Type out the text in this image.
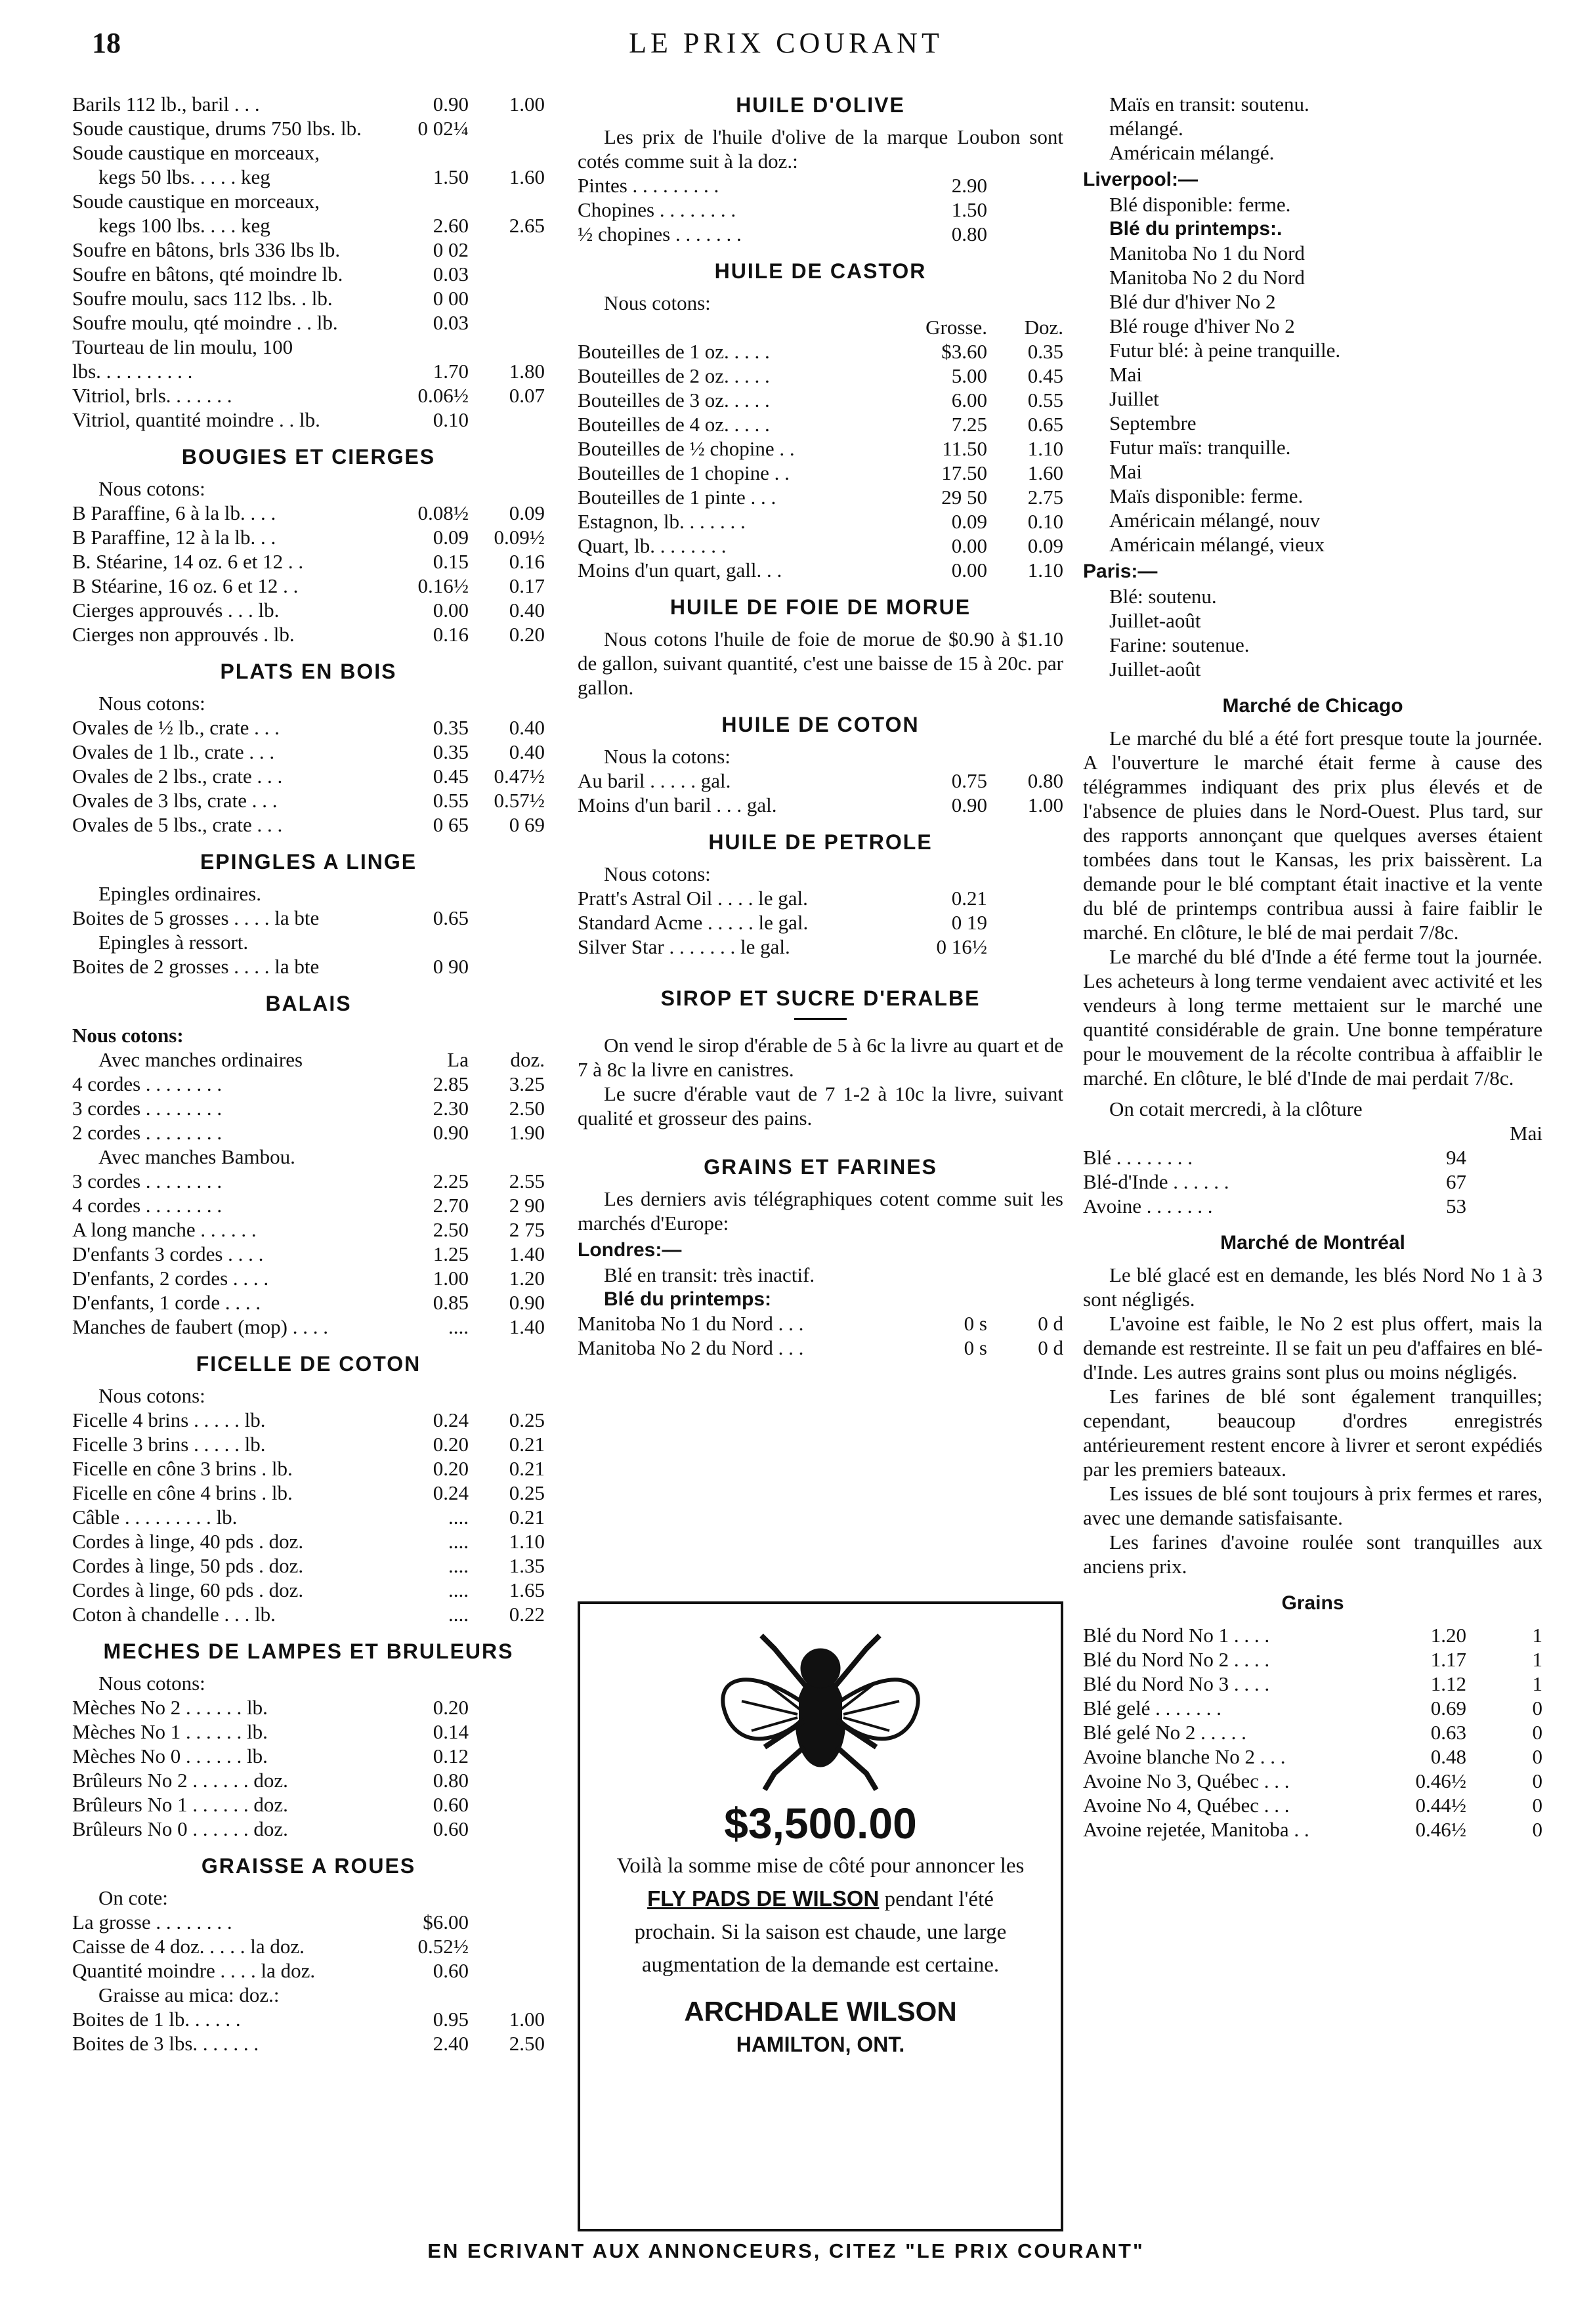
18	LE PRIX COURANT
Barils 112 lb., baril . . .	0.90	1.00
Soude caustique, drums 750 lbs. lb.	0 02¼
Soude caustique en morceaux,
kegs 50 lbs. . . . . keg	1.50	1.60
Soude caustique en morceaux,
kegs 100 lbs. . . . keg	2.60	2.65
Soufre en bâtons, brls 336 lbs lb.	0 02
Soufre en bâtons, qté moindre lb.	0.03
Soufre moulu, sacs 112 lbs. . lb.	0 00
Soufre moulu, qté moindre . . lb.	0.03
Tourteau de lin moulu, 100
lbs. . . . . . . . . .	1.70	1.80
Vitriol, brls. . . . . . .	0.06½	0.07
Vitriol, quantité moindre . . lb.	0.10
BOUGIES ET CIERGES
Nous cotons:
B Paraffine, 6 à la lb. . . .	0.08½	0.09
B Paraffine, 12 à la lb. . .	0.09	0.09½
B. Stéarine, 14 oz. 6 et 12 . .	0.15	0.16
B Stéarine, 16 oz. 6 et 12 . .	0.16½	0.17
Cierges approuvés . . . lb.	0.00	0.40
Cierges non approuvés . lb.	0.16	0.20
PLATS EN BOIS
Nous cotons:
Ovales de ½ lb., crate . . .	0.35	0.40
Ovales de 1 lb., crate . . .	0.35	0.40
Ovales de 2 lbs., crate . . .	0.45	0.47½
Ovales de 3 lbs, crate . . .	0.55	0.57½
Ovales de 5 lbs., crate . . .	0 65	0 69
EPINGLES A LINGE
Epingles ordinaires.
Boites de 5 grosses . . . . la bte	0.65
Epingles à ressort.
Boites de 2 grosses . . . . la bte	0 90
BALAIS
Nous cotons:
Avec manches ordinaires	La	doz.
4 cordes . . . . . . . .	2.85	3.25
3 cordes . . . . . . . .	2.30	2.50
2 cordes . . . . . . . .	0.90	1.90
Avec manches Bambou.
3 cordes . . . . . . . .	2.25	2.55
4 cordes . . . . . . . .	2.70	2 90
A long manche . . . . . .	2.50	2 75
D'enfants 3 cordes . . . .	1.25	1.40
D'enfants, 2 cordes . . . .	1.00	1.20
D'enfants, 1 corde . . . .	0.85	0.90
Manches de faubert (mop) . . . .	....	1.40
FICELLE DE COTON
Nous cotons:
Ficelle 4 brins . . . . . lb.	0.24	0.25
Ficelle 3 brins . . . . . lb.	0.20	0.21
Ficelle en cône 3 brins . lb.	0.20	0.21
Ficelle en cône 4 brins . lb.	0.24	0.25
Câble . . . . . . . . . lb.	....	0.21
Cordes à linge, 40 pds . doz.	....	1.10
Cordes à linge, 50 pds . doz.	....	1.35
Cordes à linge, 60 pds . doz.	....	1.65
Coton à chandelle . . . lb.	....	0.22
MECHES DE LAMPES ET BRULEURS
Nous cotons:
Mèches No 2 . . . . . . lb.	0.20
Mèches No 1 . . . . . . lb.	0.14
Mèches No 0 . . . . . . lb.	0.12
Brûleurs No 2 . . . . . . doz.	0.80
Brûleurs No 1 . . . . . . doz.	0.60
Brûleurs No 0 . . . . . . doz.	0.60
GRAISSE A ROUES
On cote:
La grosse . . . . . . . .	$6.00
Caisse de 4 doz. . . . . la doz.	0.52½
Quantité moindre . . . . la doz.	0.60
Graisse au mica: doz.:
Boites de 1 lb. . . . . .	0.95	1.00
Boites de 3 lbs. . . . . . .	2.40	2.50
HUILE D'OLIVE
Les prix de l'huile d'olive de la marque Loubon sont cotés comme suit à la doz.:
Pintes . . . . . . . . .	2.90
Chopines . . . . . . . .	1.50
½ chopines . . . . . . .	0.80
HUILE DE CASTOR
Nous cotons:
Grosse.	Doz.
Bouteilles de 1 oz. . . . .	$3.60	0.35
Bouteilles de 2 oz. . . . .	5.00	0.45
Bouteilles de 3 oz. . . . .	6.00	0.55
Bouteilles de 4 oz. . . . .	7.25	0.65
Bouteilles de ½ chopine . .	11.50	1.10
Bouteilles de 1 chopine . .	17.50	1.60
Bouteilles de 1 pinte . . .	29 50	2.75
Estagnon, lb. . . . . . .	0.09	0.10
Quart, lb. . . . . . . .	0.00	0.09
Moins d'un quart, gall. . .	0.00	1.10
HUILE DE FOIE DE MORUE
Nous cotons l'huile de foie de morue de $0.90 à $1.10 de gallon, suivant quantité, c'est une baisse de 15 à 20c. par gallon.
HUILE DE COTON
Nous la cotons:
Au baril . . . . . gal.	0.75	0.80
Moins d'un baril . . . gal.	0.90	1.00
HUILE DE PETROLE
Nous cotons:
Pratt's Astral Oil . . . . le gal.	0.21
Standard Acme . . . . . le gal.	0 19
Silver Star . . . . . . . le gal.	0 16½
SIROP ET SUCRE D'ERALBE
On vend le sirop d'érable de 5 à 6c la livre au quart et de 7 à 8c la livre en canistres.
Le sucre d'érable vaut de 7 1-2 à 10c la livre, suivant qualité et grosseur des pains.
GRAINS ET FARINES
Les derniers avis télégraphiques cotent comme suit les marchés d'Europe:
Londres:—
Blé en transit: très inactif.
Blé du printemps:
Manitoba No 1 du Nord . . .	0 s	0 d
Manitoba No 2 du Nord . . .	0 s	0 d
$3,500.00
Voilà la somme mise de côté pour annoncer les FLY PADS DE WILSON pendant l'été prochain. Si la saison est chaude, une large augmentation de la demande est certaine.
ARCHDALE WILSON
HAMILTON, ONT.
Maïs en transit: soutenu.
mélangé.
Américain mélangé.
Liverpool:—
Blé disponible: ferme.
Blé du printemps:.
Manitoba No 1 du Nord
Manitoba No 2 du Nord
Blé dur d'hiver No 2
Blé rouge d'hiver No 2
Futur blé: à peine tranquille.
Mai
Juillet
Septembre
Futur maïs: tranquille.
Mai
Maïs disponible: ferme.
Américain mélangé, nouv
Américain mélangé, vieux
Paris:—
Blé: soutenu.
Juillet-août
Farine: soutenue.
Juillet-août
Marché de Chicago
Le marché du blé a été fort presque toute la journée. A l'ouverture le marché était ferme à cause des télégrammes indiquant des prix plus élevés et de l'absence de pluies dans le Nord-Ouest. Plus tard, sur des rapports annonçant que quelques averses étaient tombées dans tout le Kansas, les prix baissèrent. La demande pour le blé comptant était inactive et la vente du blé de printemps contribua aussi à faire faiblir le marché. En clôture, le blé de mai perdait 7/8c.
Le marché du blé d'Inde a été ferme tout la journée. Les acheteurs à long terme vendaient avec activité et les vendeurs à long terme mettaient sur le marché une quantité considérable de grain. Une bonne température pour le mouvement de la récolte contribua à affaiblir le marché. En clôture, le blé d'Inde de mai perdait 7/8c.
On cotait mercredi, à la clôture
Mai
Blé . . . . . . . .	94
Blé-d'Inde . . . . . .	67
Avoine . . . . . . .	53
Marché de Montréal
Le blé glacé est en demande, les blés Nord No 1 à 3 sont négligés.
L'avoine est faible, le No 2 est plus offert, mais la demande est restreinte. Il se fait un peu d'affaires en blé-d'Inde. Les autres grains sont plus ou moins négligés.
Les farines de blé sont également tranquilles; cependant, beaucoup d'ordres enregistrés antérieurement restent encore à livrer et seront expédiés par les premiers bateaux.
Les issues de blé sont toujours à prix fermes et rares, avec une demande satisfaisante.
Les farines d'avoine roulée sont tranquilles aux anciens prix.
Grains
Blé du Nord No 1 . . . .	1.20	1
Blé du Nord No 2 . . . .	1.17	1
Blé du Nord No 3 . . . .	1.12	1
Blé gelé . . . . . . .	0.69	0
Blé gelé No 2 . . . . .	0.63	0
Avoine blanche No 2 . . .	0.48	0
Avoine No 3, Québec . . .	0.46½	0
Avoine No 4, Québec . . .	0.44½	0
Avoine rejetée, Manitoba . .	0.46½	0
EN ECRIVANT AUX ANNONCEURS, CITEZ "LE PRIX COURANT"
